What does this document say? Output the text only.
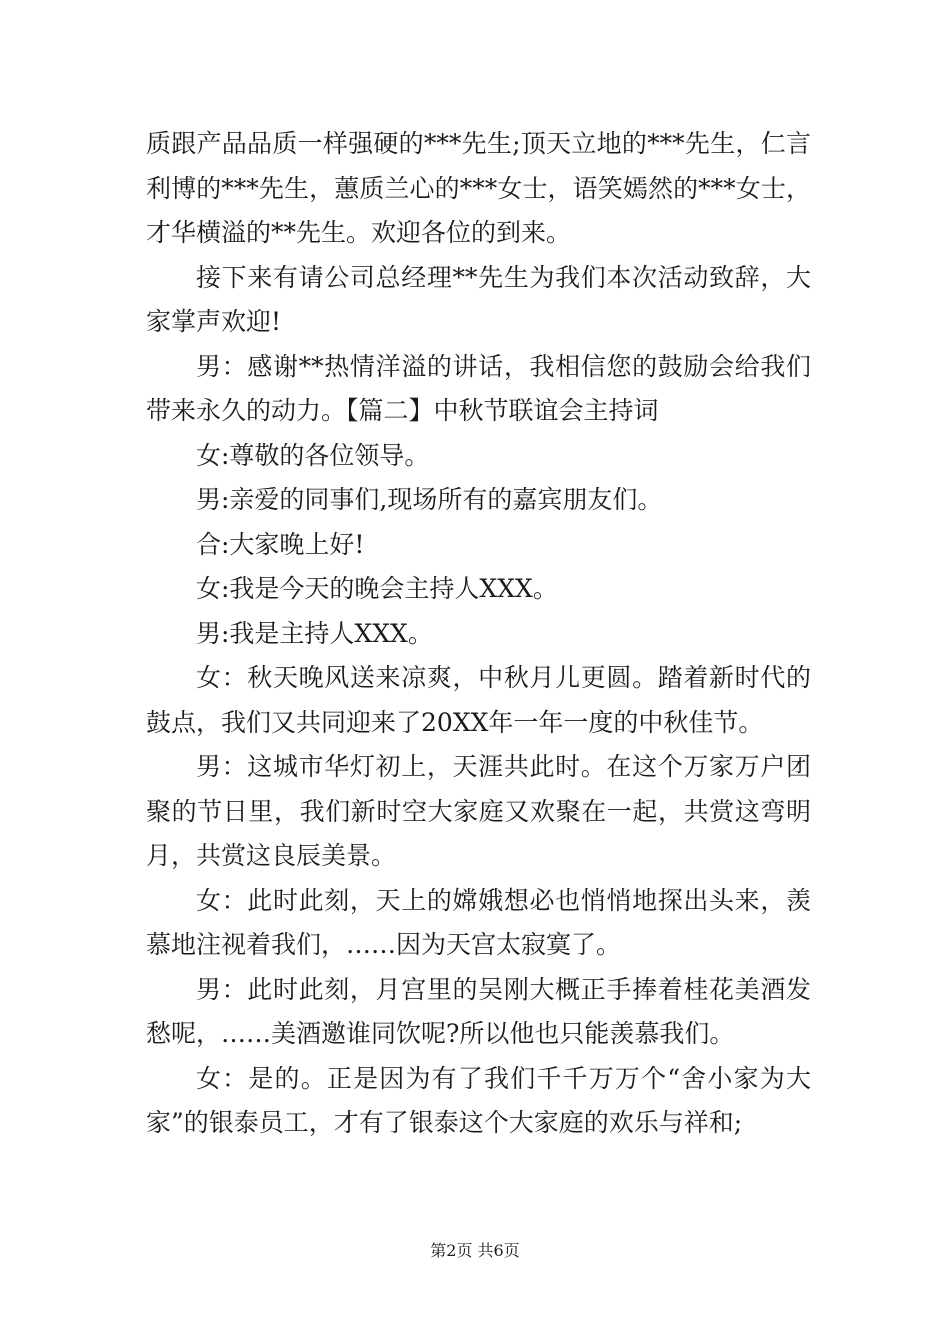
质跟产品品质一样强硬的***先生;顶天立地的***先生，仁言利博的***先生，蕙质兰心的***女士，语笑嫣然的***女士，才华横溢的**先生。欢迎各位的到来。

接下来有请公司总经理**先生为我们本次活动致辞，大家掌声欢迎!

男：感谢**热情洋溢的讲话，我相信您的鼓励会给我们带来永久的动力。【篇二】中秋节联谊会主持词

女:尊敬的各位领导。

男:亲爱的同事们,现场所有的嘉宾朋友们。

合:大家晚上好!

女:我是今天的晚会主持人XXX。

男:我是主持人XXX。

女：秋天晚风送来凉爽，中秋月儿更圆。踏着新时代的鼓点，我们又共同迎来了20XX年一年一度的中秋佳节。

男：这城市华灯初上，天涯共此时。在这个万家万户团聚的节日里，我们新时空大家庭又欢聚在一起，共赏这弯明月，共赏这良辰美景。

女：此时此刻，天上的嫦娥想必也悄悄地探出头来，羡慕地注视着我们，……因为天宫太寂寞了。

男：此时此刻，月宫里的吴刚大概正手捧着桂花美酒发愁呢，……美酒邀谁同饮呢?所以他也只能羡慕我们。

女：是的。正是因为有了我们千千万万个“舍小家为大家”的银泰员工，才有了银泰这个大家庭的欢乐与祥和;

第2页 共6页
